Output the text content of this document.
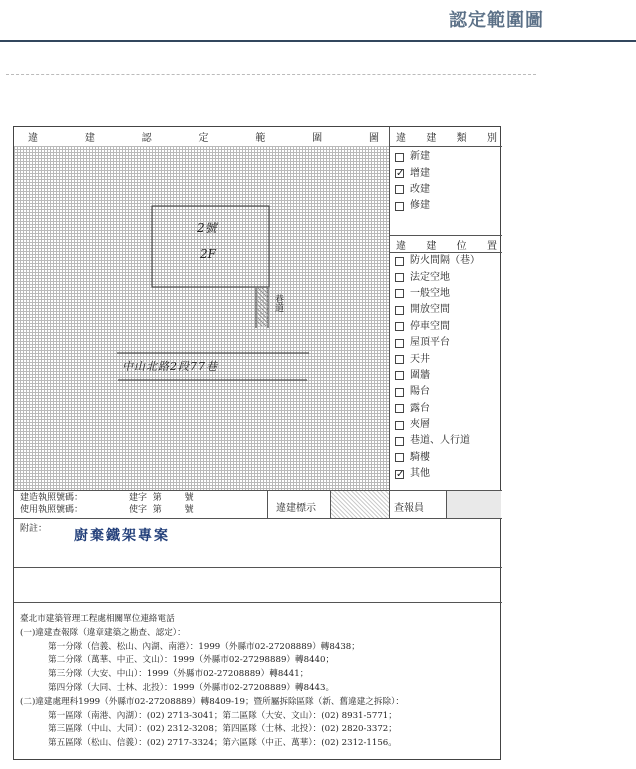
認定範圍圖
違	建	認	定	範	圍	圖
2號
2F
中山北路2段77巷
巷道
違 建 類 別
新建
✓
增建
改建
修建
違 建 位 置
防火間隔（巷）
法定空地
一般空地
開放空間
停車空間
屋頂平台
天井
圍牆
陽台
露台
夾層
巷道、人行道
騎樓
✓
其他
建造執照號碼：	建字  第        號
使用執照號碼：	使字  第        號	違建標示	查報員
附註： 廚棄鐵架專案
臺北市建築管理工程處相關單位連絡電話
(一)違建查報隊（違章建築之勘查、認定）：
第一分隊（信義、松山、內湖、南港）：1999（外縣市02-27208889）轉8438；
第二分隊（萬華、中正、文山）：1999（外縣市02-27298889）轉8440；
第三分隊（大安、中山）：1999（外縣市02-27208889）轉8441；
第四分隊（大同、士林、北投）：1999（外縣市02-27208889）轉8443。
(二)違建處理科1999（外縣市02-27208889）轉8409-19；暨所屬拆除區隊（新、舊違建之拆除）：
第一區隊（南港、內湖）：(02) 2713-3041；第二區隊（大安、文山）：(02) 8931-5771；
第三區隊（中山、大同）：(02) 2312-3208；第四區隊（士林、北投）：(02) 2820-3372；
第五區隊（松山、信義）：(02) 2717-3324；第六區隊（中正、萬華）：(02) 2312-1156。
